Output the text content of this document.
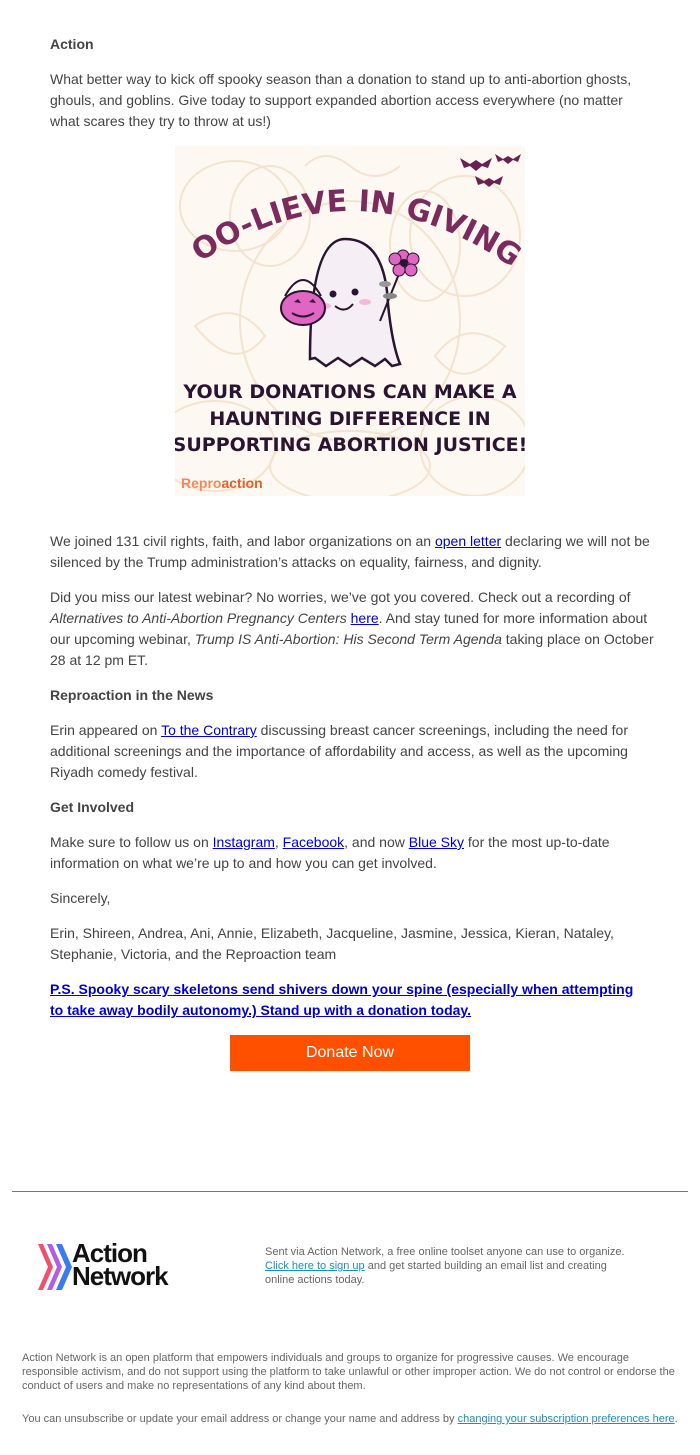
Action

What better way to kick off spooky season than a donation to stand up to anti-abortion ghosts, ghouls, and goblins. Give today to support expanded abortion access everywhere (no matter what scares they try to throw at us!)

OO-LIEVE IN GIVING
YOUR DONATIONS CAN MAKE A
HAUNTING DIFFERENCE IN
SUPPORTING ABORTION JUSTICE!
Reproaction

We joined 131 civil rights, faith, and labor organizations on an open letter declaring we will not be silenced by the Trump administration’s attacks on equality, fairness, and dignity.

Did you miss our latest webinar? No worries, we’ve got you covered. Check out a recording of Alternatives to Anti-Abortion Pregnancy Centers here. And stay tuned for more information about our upcoming webinar, Trump IS Anti-Abortion: His Second Term Agenda taking place on October 28 at 12 pm ET.

Reproaction in the News

Erin appeared on To the Contrary discussing breast cancer screenings, including the need for additional screenings and the importance of affordability and access, as well as the upcoming Riyadh comedy festival.

Get Involved

Make sure to follow us on Instagram, Facebook, and now Blue Sky for the most up-to-date information on what we’re up to and how you can get involved.

Sincerely,

Erin, Shireen, Andrea, Ani, Annie, Elizabeth, Jacqueline, Jasmine, Jessica, Kieran, Nataley, Stephanie, Victoria, and the Reproaction team

P.S. Spooky scary skeletons send shivers down your spine (especially when attempting to take away bodily autonomy.) Stand up with a donation today.

Donate Now
Action
Network
Sent via Action Network, a free online toolset anyone can use to organize. Click here to sign up and get started building an email list and creating online actions today.
Action Network is an open platform that empowers individuals and groups to organize for progressive causes. We encourage responsible activism, and do not support using the platform to take unlawful or other improper action. We do not control or endorse the conduct of users and make no representations of any kind about them.
You can unsubscribe or update your email address or change your name and address by changing your subscription preferences here.
